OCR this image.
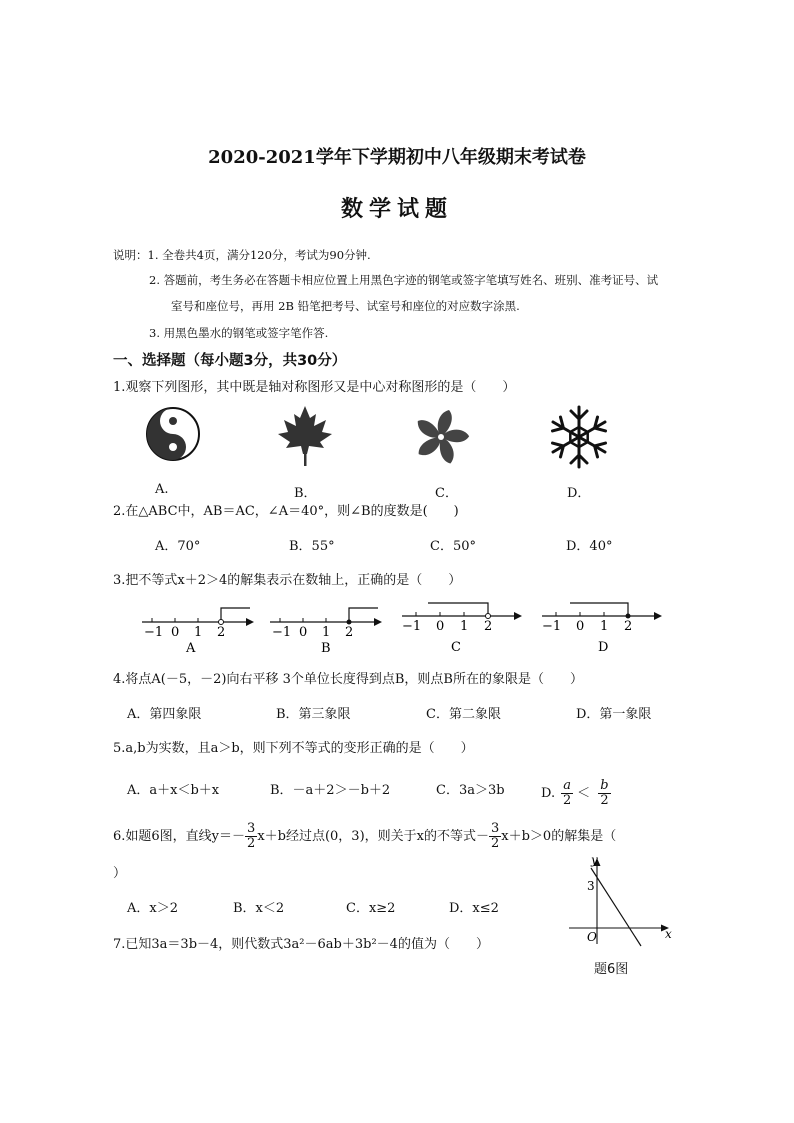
2020-2021学年下学期初中八年级期末考试卷
数学试题
说明：1. 全卷共4页，满分120分，考试为90分钟.
2. 答题前，考生务必在答题卡相应位置上用黑色字迹的钢笔或签字笔填写姓名、班别、准考证号、试
室号和座位号，再用 2B 铅笔把考号、试室号和座位的对应数字涂黑.
3. 用黑色墨水的钢笔或签字笔作答.
一、选择题（每小题3分，共30分）
1.观察下列图形，其中既是轴对称图形又是中心对称图形的是（　　）
A.	B．	C．	D．
2.在△ABC中，AB＝AC，∠A＝40°，则∠B的度数是(　　)
A．70°	B．55°	C．50°	D．40°
3.把不等式x＋2＞4的解集表示在数轴上，正确的是（　　）
−1 0 1 2
A
−1 0 1 2
B
−1 0 1 2
C
−1 0 1 2
D
4.将点A(－5，－2)向右平移 3个单位长度得到点B，则点B所在的象限是（　　）
A．第四象限	B．第三象限	C．第二象限	D．第一象限
5.a,b为实数，且a＞b，则下列不等式的变形正确的是（　　）
A．a＋x＜b＋x	B．－a＋2＞－b＋2	C．3a＞3b	D. $\frac{a}{2} < \frac{b}{2}$
6.如题6图，直线$y=- \frac{3}{2} x+b$经过点(0，3)，则关于x的不等式－ $\frac{3}{2} x+b>0$的解集是（
）
A．x＞2	B．x＜2	C．x≥2	D．x≤2
y
x
O
3
题6图
7.已知3a＝3b－4，则代数式3a²－6ab＋3b²－4的值为（　　）
